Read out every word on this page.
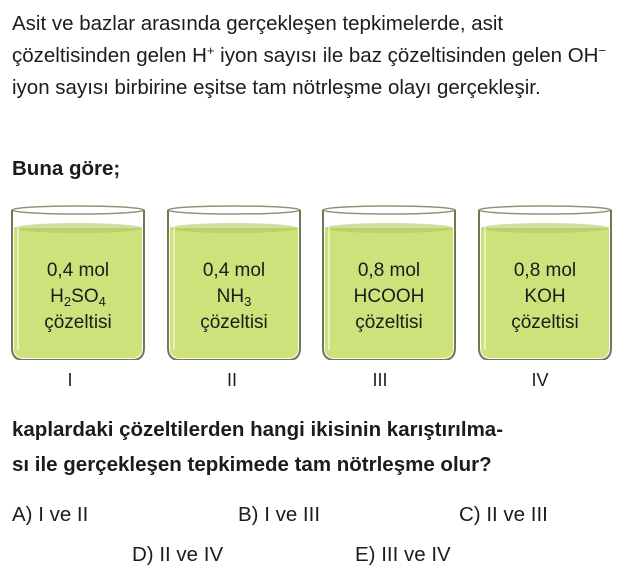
Asit ve bazlar arasında gerçekleşen tepkimelerde, asit çözeltisinden gelen H+ iyon sayısı ile baz çözeltisinden gelen OH− iyon sayısı birbirine eşitse tam nötrleşme olayı gerçekleşir.

Buna göre;

0,4 mol
$H_2SO_4$
çözeltisi
0,4 mol
$NH_3$
çözeltisi
0,8 mol
HCOOH
çözeltisi
0,8 mol
KOH
çözeltisi
I	II	III	IV

kaplardaki çözeltilerden hangi ikisinin karıştırılma-
sı ile gerçekleşen tepkimede tam nötrleşme olur?

A) I ve II	B) I ve III	C) II ve III
D) II ve IV	E) III ve IV
